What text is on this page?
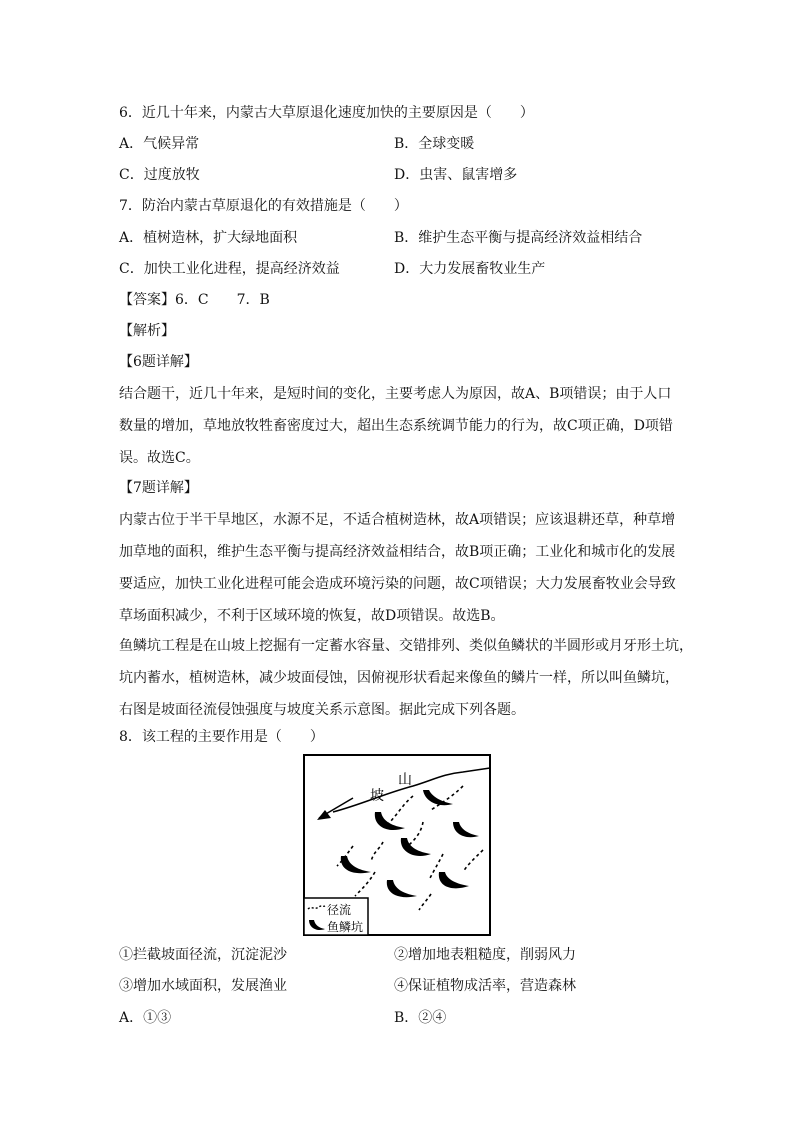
6．近几十年来，内蒙古大草原退化速度加快的主要原因是（　　）
A．气候异常	B．全球变暖
C．过度放牧	D．虫害、鼠害增多
7．防治内蒙古草原退化的有效措施是（　　）
A．植树造林，扩大绿地面积	B．维护生态平衡与提高经济效益相结合
C．加快工业化进程，提高经济效益	D．大力发展畜牧业生产
【答案】6．C　　7．B
【解析】
【6题详解】
结合题干，近几十年来，是短时间的变化，主要考虑人为原因，故A、B项错误；由于人口
数量的增加，草地放牧牲畜密度过大，超出生态系统调节能力的行为，故C项正确，D项错
误。故选C。
【7题详解】
内蒙古位于半干旱地区，水源不足，不适合植树造林，故A项错误；应该退耕还草，种草增
加草地的面积，维护生态平衡与提高经济效益相结合，故B项正确；工业化和城市化的发展
要适应，加快工业化进程可能会造成环境污染的问题，故C项错误；大力发展畜牧业会导致
草场面积减少，不利于区域环境的恢复，故D项错误。故选B。
鱼鳞坑工程是在山坡上挖掘有一定蓄水容量、交错排列、类似鱼鳞状的半圆形或月牙形土坑，
坑内蓄水，植树造林，减少坡面侵蚀，因俯视形状看起来像鱼的鳞片一样，所以叫鱼鳞坑，
右图是坡面径流侵蚀强度与坡度关系示意图。据此完成下列各题。
8．该工程的主要作用是（　　）
山
坡
径流
鱼鳞坑
①拦截坡面径流，沉淀泥沙	②增加地表粗糙度，削弱风力
③增加水域面积，发展渔业	④保证植物成活率，营造森林
A．①③	B．②④
